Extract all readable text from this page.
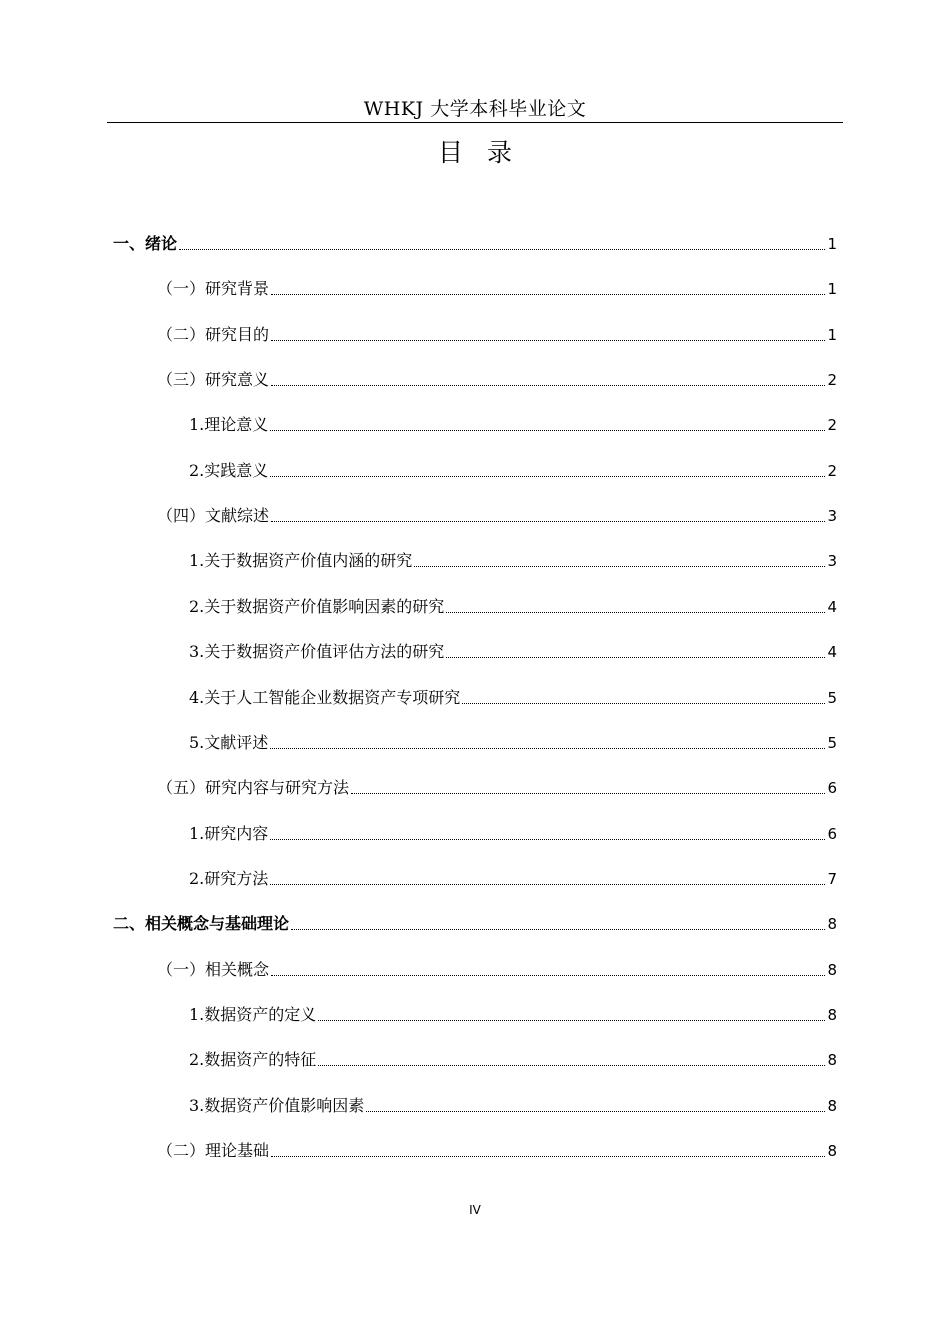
WHKJ 大学本科毕业论文
目录
一、绪论	1
（一）研究背景	1
（二）研究目的	1
（三）研究意义	2
1.理论意义	2
2.实践意义	2
（四）文献综述	3
1.关于数据资产价值内涵的研究	3
2.关于数据资产价值影响因素的研究	4
3.关于数据资产价值评估方法的研究	4
4.关于人工智能企业数据资产专项研究	5
5.文献评述	5
（五）研究内容与研究方法	6
1.研究内容	6
2.研究方法	7
二、相关概念与基础理论	8
（一）相关概念	8
1.数据资产的定义	8
2.数据资产的特征	8
3.数据资产价值影响因素	8
（二）理论基础	8
IV
